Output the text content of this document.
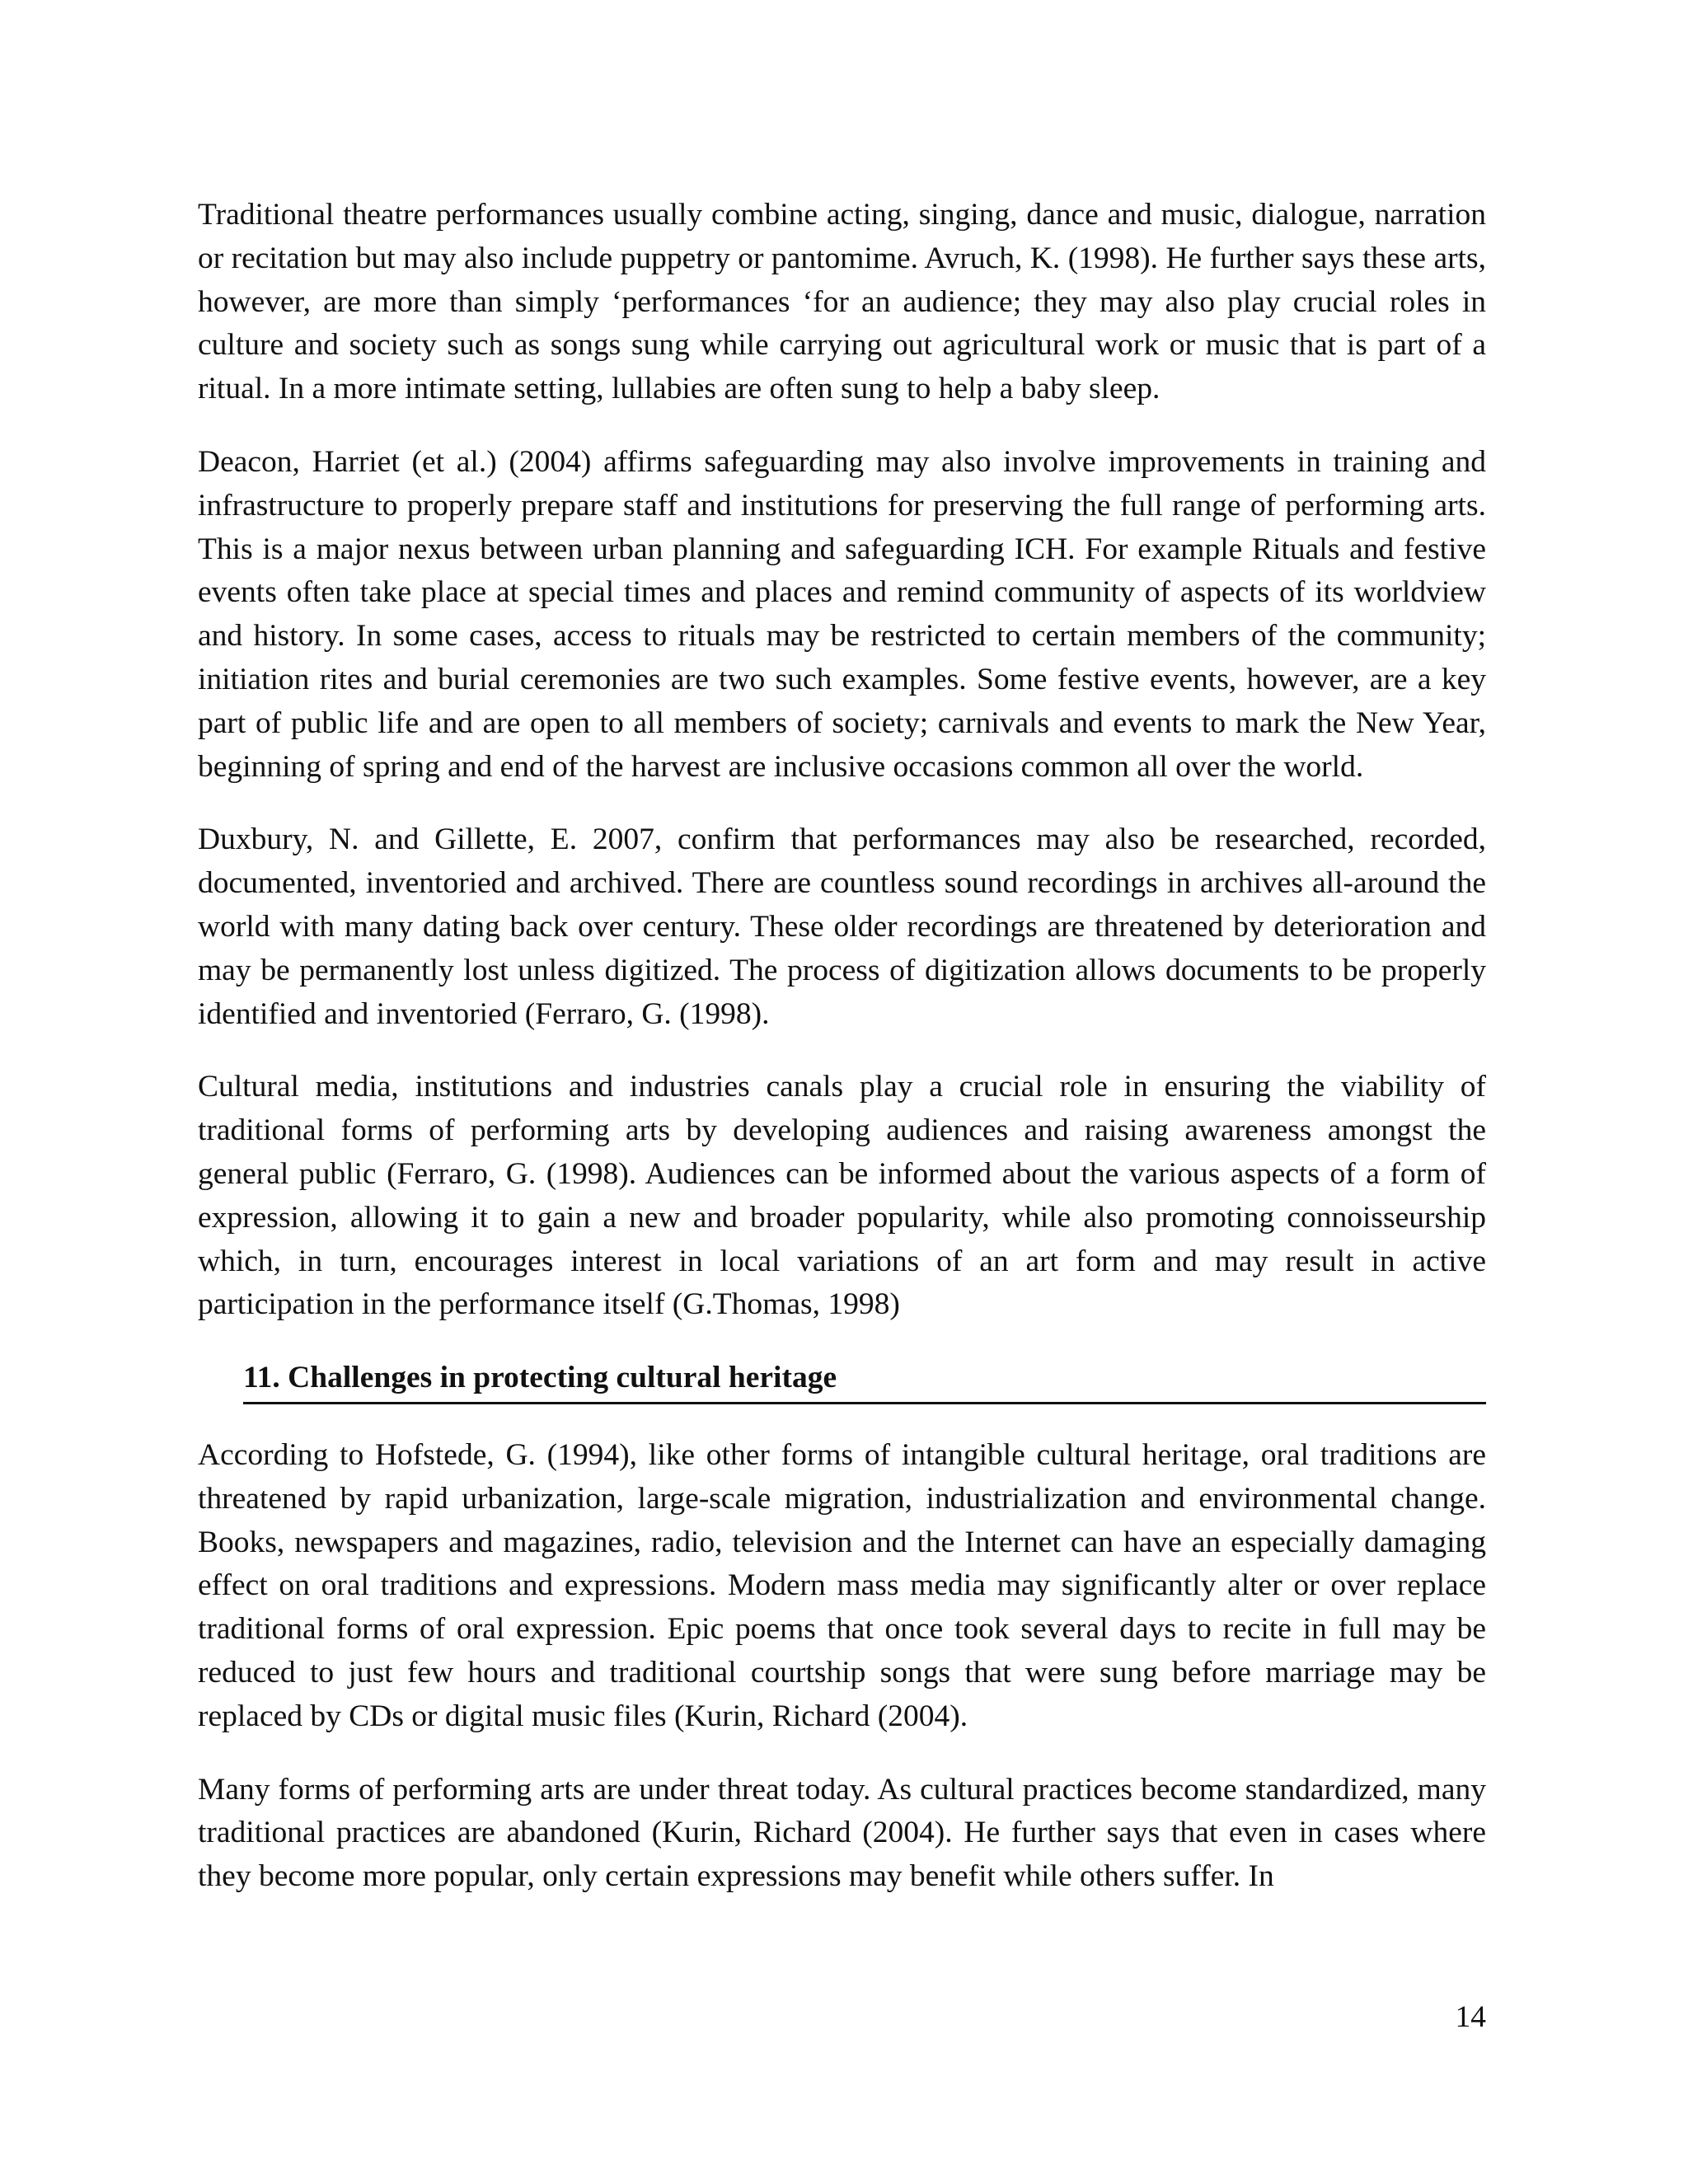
Traditional theatre performances usually combine acting, singing, dance and music, dialogue, narration or recitation but may also include puppetry or pantomime. Avruch, K. (1998). He further says these arts, however, are more than simply ‘performances ‘for an audience; they may also play crucial roles in culture and society such as songs sung while carrying out agricultural work or music that is part of a ritual. In a more intimate setting, lullabies are often sung to help a baby sleep.

Deacon, Harriet (et al.) (2004) affirms safeguarding may also involve improvements in training and infrastructure to properly prepare staff and institutions for preserving the full range of performing arts. This is a major nexus between urban planning and safeguarding ICH. For example Rituals and festive events often take place at special times and places and remind community of aspects of its worldview and history. In some cases, access to rituals may be restricted to certain members of the community; initiation rites and burial ceremonies are two such examples. Some festive events, however, are a key part of public life and are open to all members of society; carnivals and events to mark the New Year, beginning of spring and end of the harvest are inclusive occasions common all over the world.

Duxbury, N. and Gillette, E. 2007, confirm that performances may also be researched, recorded, documented, inventoried and archived. There are countless sound recordings in archives all-around the world with many dating back over century. These older recordings are threatened by deterioration and may be permanently lost unless digitized. The process of digitization allows documents to be properly identified and inventoried (Ferraro, G. (1998).

Cultural media, institutions and industries canals play a crucial role in ensuring the viability of traditional forms of performing arts by developing audiences and raising awareness amongst the general public (Ferraro, G. (1998). Audiences can be informed about the various aspects of a form of expression, allowing it to gain a new and broader popularity, while also promoting connoisseurship which, in turn, encourages interest in local variations of an art form and may result in active participation in the performance itself (G.Thomas, 1998)

11. Challenges in protecting cultural heritage

According to Hofstede, G. (1994), like other forms of intangible cultural heritage, oral traditions are threatened by rapid urbanization, large-scale migration, industrialization and environmental change. Books, newspapers and magazines, radio, television and the Internet can have an especially damaging effect on oral traditions and expressions. Modern mass media may significantly alter or over replace traditional forms of oral expression. Epic poems that once took several days to recite in full may be reduced to just few hours and traditional courtship songs that were sung before marriage may be replaced by CDs or digital music files (Kurin, Richard (2004).

Many forms of performing arts are under threat today. As cultural practices become standardized, many traditional practices are abandoned (Kurin, Richard (2004). He further says that even in cases where they become more popular, only certain expressions may benefit while others suffer. In

14
